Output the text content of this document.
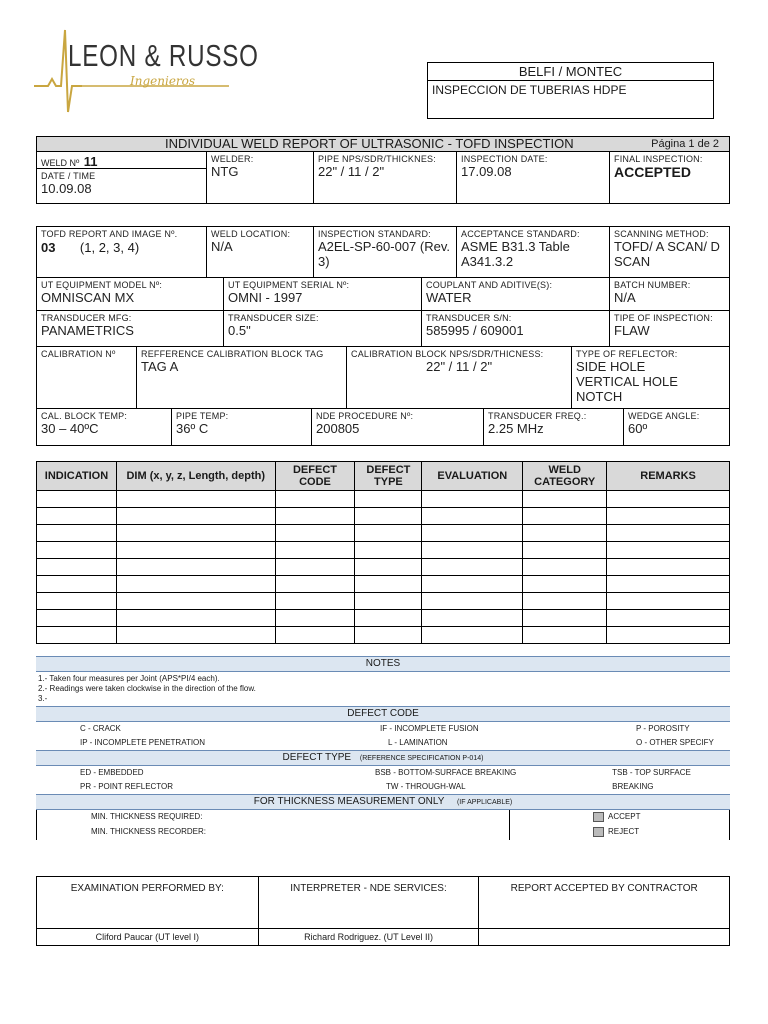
LEON & RUSSO
Ingenieros
BELFI / MONTEC
INSPECCION DE TUBERIAS HDPE
INDIVIDUAL WELD REPORT OF ULTRASONIC - TOFD INSPECTION	Página 1 de 2
WELD Nº 11
DATE / TIME
10.09.08
WELDER:
NTG
PIPE NPS/SDR/THICKNES:
22" / 11 / 2"
INSPECTION DATE:
17.09.08
FINAL INSPECTION:
ACCEPTED
TOFD REPORT AND IMAGE Nº.
03 (1, 2, 3, 4)
WELD LOCATION:
N/A
INSPECTION STANDARD:
A2EL-SP-60-007 (Rev. 3)
ACCEPTANCE STANDARD:
ASME B31.3 Table A341.3.2
SCANNING METHOD:
TOFD/ A SCAN/ D SCAN
UT EQUIPMENT MODEL Nº:
OMNISCAN MX
UT EQUIPMENT SERIAL Nº:
OMNI - 1997
COUPLANT AND ADITIVE(S):
WATER
BATCH NUMBER:
N/A
TRANSDUCER MFG:
PANAMETRICS
TRANSDUCER SIZE:
0.5"
TRANSDUCER S/N:
585995 / 609001
TIPE OF INSPECTION:
FLAW
CALIBRATION Nº	REFFERENCE CALIBRATION BLOCK TAG
TAG A
CALIBRATION BLOCK NPS/SDR/THICNESS:
22" / 11 / 2"
TYPE OF REFLECTOR:
SIDE HOLE
VERTICAL HOLE
NOTCH
CAL. BLOCK TEMP:
30 – 40ºC
PIPE TEMP:
36º C
NDE PROCEDURE Nº:
200805
TRANSDUCER FREQ.:
2.25 MHz
WEDGE ANGLE:
60º
INDICATION	DIM (x, y, z, Length, depth)	DEFECT CODE	DEFECT TYPE	EVALUATION	WELD CATEGORY	REMARKS

NOTES
1.- Taken four measures per Joint (APS*PI/4 each).
2.- Readings were taken clockwise in the direction of the flow.
3.-
DEFECT CODE
C - CRACK	IF - INCOMPLETE FUSION	P - POROSITY
IP - INCOMPLETE PENETRATION	L - LAMINATION	O - OTHER SPECIFY
DEFECT TYPE (REFERENCE SPECIFICATION P-014)
ED - EMBEDDED	BSB - BOTTOM-SURFACE BREAKING	TSB - TOP SURFACE BREAKING
PR - POINT REFLECTOR	TW - THROUGH-WAL
FOR THICKNESS MEASUREMENT ONLY (IF APPLICABLE)
MIN. THICKNESS REQUIRED:
MIN. THICKNESS RECORDER:
ACCEPT
REJECT
EXAMINATION PERFORMED BY:	INTERPRETER - NDE SERVICES:	REPORT ACCEPTED BY CONTRACTOR
Cliford Paucar (UT level I)	Richard Rodriguez. (UT Level II)	
